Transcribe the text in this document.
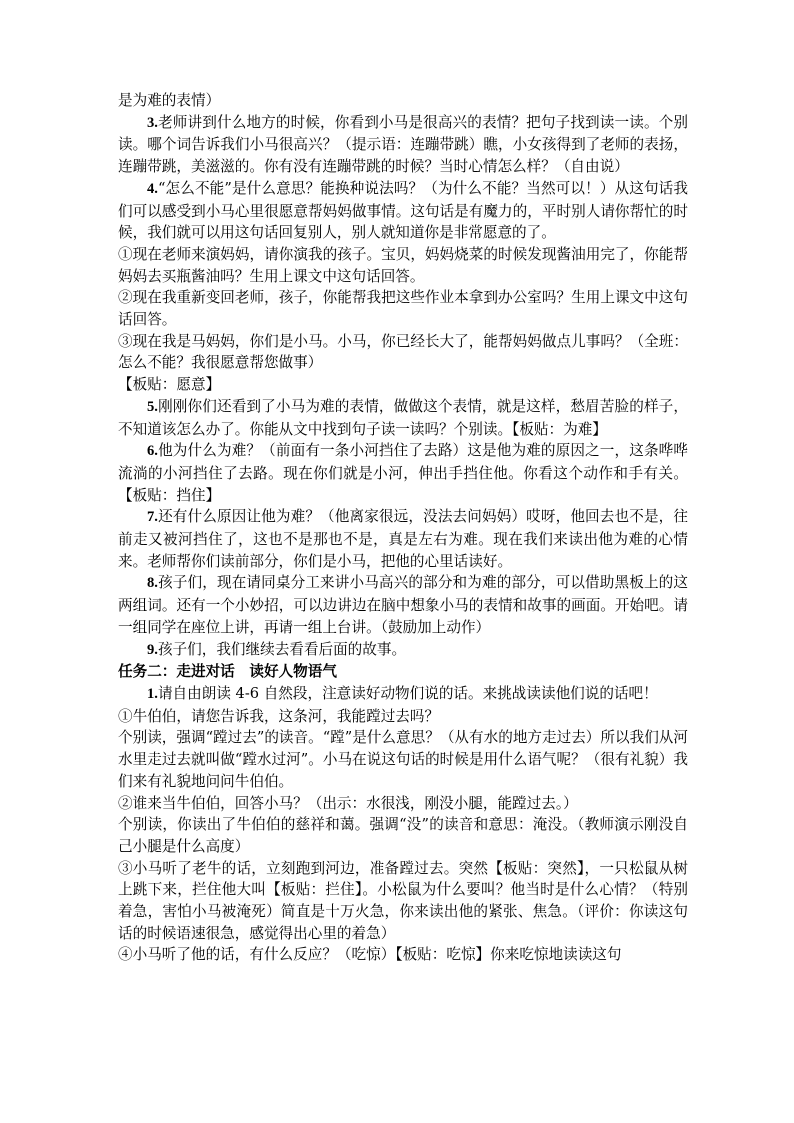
是为难的表情）

3.老师讲到什么地方的时候，你看到小马是很高兴的表情？把句子找到读一读。个别读。哪个词告诉我们小马很高兴？（提示语：连蹦带跳）瞧，小女孩得到了老师的表扬，连蹦带跳，美滋滋的。你有没有连蹦带跳的时候？当时心情怎么样？（自由说）

4.“怎么不能”是什么意思？能换种说法吗？（为什么不能？当然可以！）从这句话我们可以感受到小马心里很愿意帮妈妈做事情。这句话是有魔力的，平时别人请你帮忙的时候，我们就可以用这句话回复别人，别人就知道你是非常愿意的了。

①现在老师来演妈妈，请你演我的孩子。宝贝，妈妈烧菜的时候发现酱油用完了，你能帮妈妈去买瓶酱油吗？生用上课文中这句话回答。

②现在我重新变回老师，孩子，你能帮我把这些作业本拿到办公室吗？生用上课文中这句话回答。

③现在我是马妈妈，你们是小马。小马，你已经长大了，能帮妈妈做点儿事吗？（全班：怎么不能？我很愿意帮您做事）

【板贴：愿意】

5.刚刚你们还看到了小马为难的表情，做做这个表情，就是这样，愁眉苦脸的样子，不知道该怎么办了。你能从文中找到句子读一读吗？个别读。【板贴：为难】

6.他为什么为难？（前面有一条小河挡住了去路）这是他为难的原因之一，这条哗哗流淌的小河挡住了去路。现在你们就是小河，伸出手挡住他。你看这个动作和手有关。【板贴：挡住】

7.还有什么原因让他为难？（他离家很远，没法去问妈妈）哎呀，他回去也不是，往前走又被河挡住了，这也不是那也不是，真是左右为难。现在我们来读出他为难的心情来。老师帮你们读前部分，你们是小马，把他的心里话读好。

8.孩子们，现在请同桌分工来讲小马高兴的部分和为难的部分，可以借助黑板上的这两组词。还有一个小妙招，可以边讲边在脑中想象小马的表情和故事的画面。开始吧。请一组同学在座位上讲，再请一组上台讲。（鼓励加上动作）

9.孩子们，我们继续去看看后面的故事。

任务二：走进对话　读好人物语气

1.请自由朗读 4-6 自然段，注意读好动物们说的话。来挑战读读他们说的话吧！

①牛伯伯，请您告诉我，这条河，我能蹚过去吗？

个别读，强调“蹚过去”的读音。“蹚”是什么意思？（从有水的地方走过去）所以我们从河水里走过去就叫做“蹚水过河”。小马在说这句话的时候是用什么语气呢？（很有礼貌）我们来有礼貌地问问牛伯伯。

②谁来当牛伯伯，回答小马？（出示：水很浅，刚没小腿，能蹚过去。）

个别读，你读出了牛伯伯的慈祥和蔼。强调“没”的读音和意思：淹没。（教师演示刚没自己小腿是什么高度）

③小马听了老牛的话，立刻跑到河边，准备蹚过去。突然【板贴：突然】，一只松鼠从树上跳下来，拦住他大叫【板贴：拦住】。小松鼠为什么要叫？他当时是什么心情？（特别着急，害怕小马被淹死）简直是十万火急，你来读出他的紧张、焦急。（评价：你读这句话的时候语速很急，感觉得出心里的着急）

④小马听了他的话，有什么反应？（吃惊）【板贴：吃惊】你来吃惊地读读这句
